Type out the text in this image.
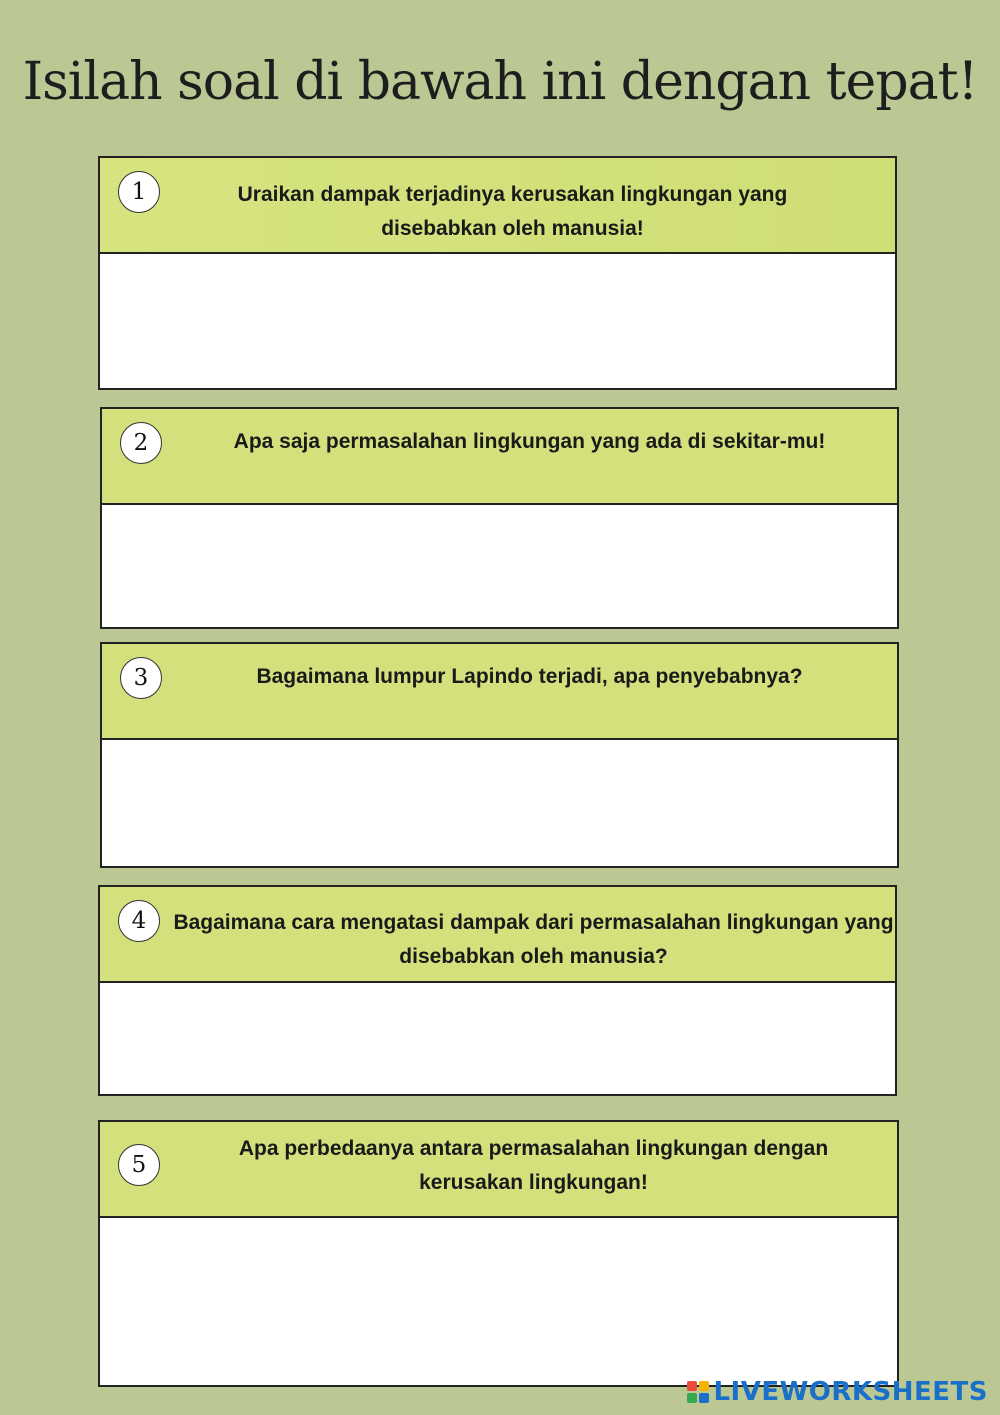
Isilah soal di bawah ini dengan tepat!
1	Uraikan dampak terjadinya kerusakan lingkungan yang disebabkan oleh manusia!
2	Apa saja permasalahan lingkungan yang ada di sekitar-mu!
3	Bagaimana lumpur Lapindo terjadi, apa penyebabnya?
4	Bagaimana cara mengatasi dampak dari permasalahan lingkungan yang disebabkan oleh manusia?
5
Apa perbedaanya antara permasalahan lingkungan dengan kerusakan lingkungan!
LIVEWORKSHEETS
